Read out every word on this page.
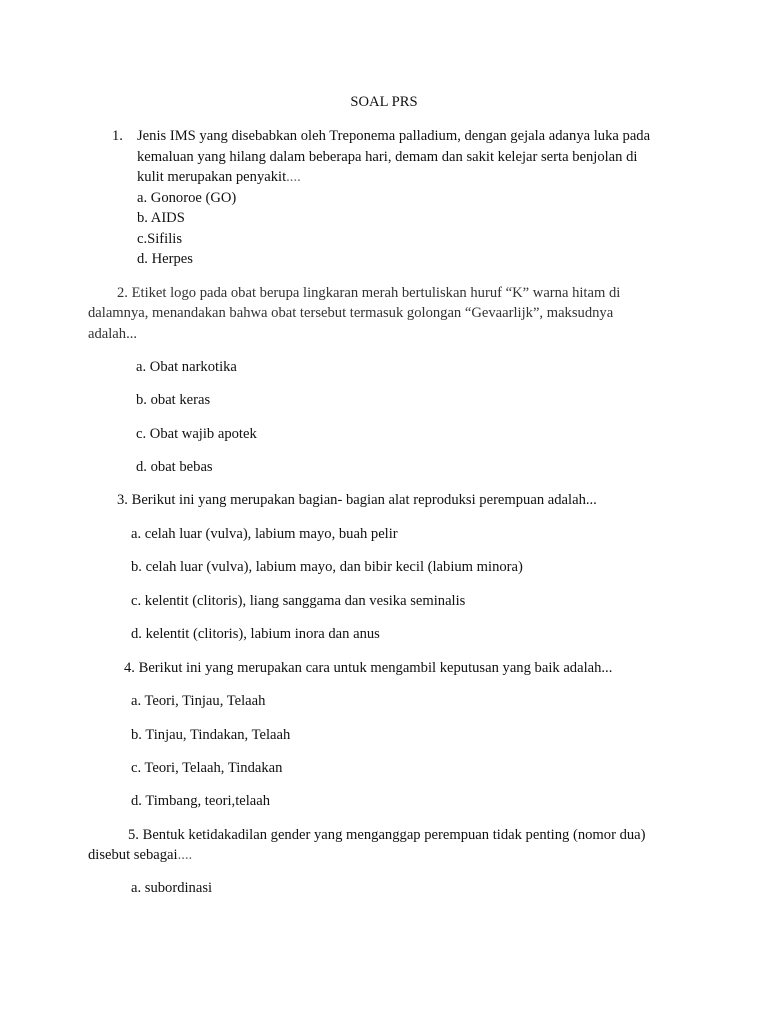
SOAL PRS
1. Jenis IMS yang disebabkan oleh Treponema palladium, dengan gejala adanya luka pada
kemaluan yang hilang dalam beberapa hari, demam dan sakit kelejar serta benjolan di
kulit merupakan penyakit....
a. Gonoroe (GO)
b. AIDS
c.Sifilis
d. Herpes
2. Etiket logo pada obat berupa lingkaran merah bertuliskan huruf “K” warna hitam di
dalamnya, menandakan bahwa obat tersebut termasuk golongan “Gevaarlijk”, maksudnya
adalah...
a. Obat narkotika
b. obat keras
c. Obat wajib apotek
d. obat bebas
3. Berikut ini yang merupakan bagian- bagian alat reproduksi perempuan adalah...
a. celah luar (vulva), labium mayo, buah pelir
b. celah luar (vulva), labium mayo, dan bibir kecil (labium minora)
c. kelentit (clitoris), liang sanggama dan vesika seminalis
d. kelentit (clitoris), labium inora dan anus
4. Berikut ini yang merupakan cara untuk mengambil keputusan yang baik adalah...
a. Teori, Tinjau, Telaah
b. Tinjau, Tindakan, Telaah
c. Teori, Telaah, Tindakan
d. Timbang, teori,telaah
5. Bentuk ketidakadilan gender yang menganggap perempuan tidak penting (nomor dua)
disebut sebagai....
a. subordinasi
